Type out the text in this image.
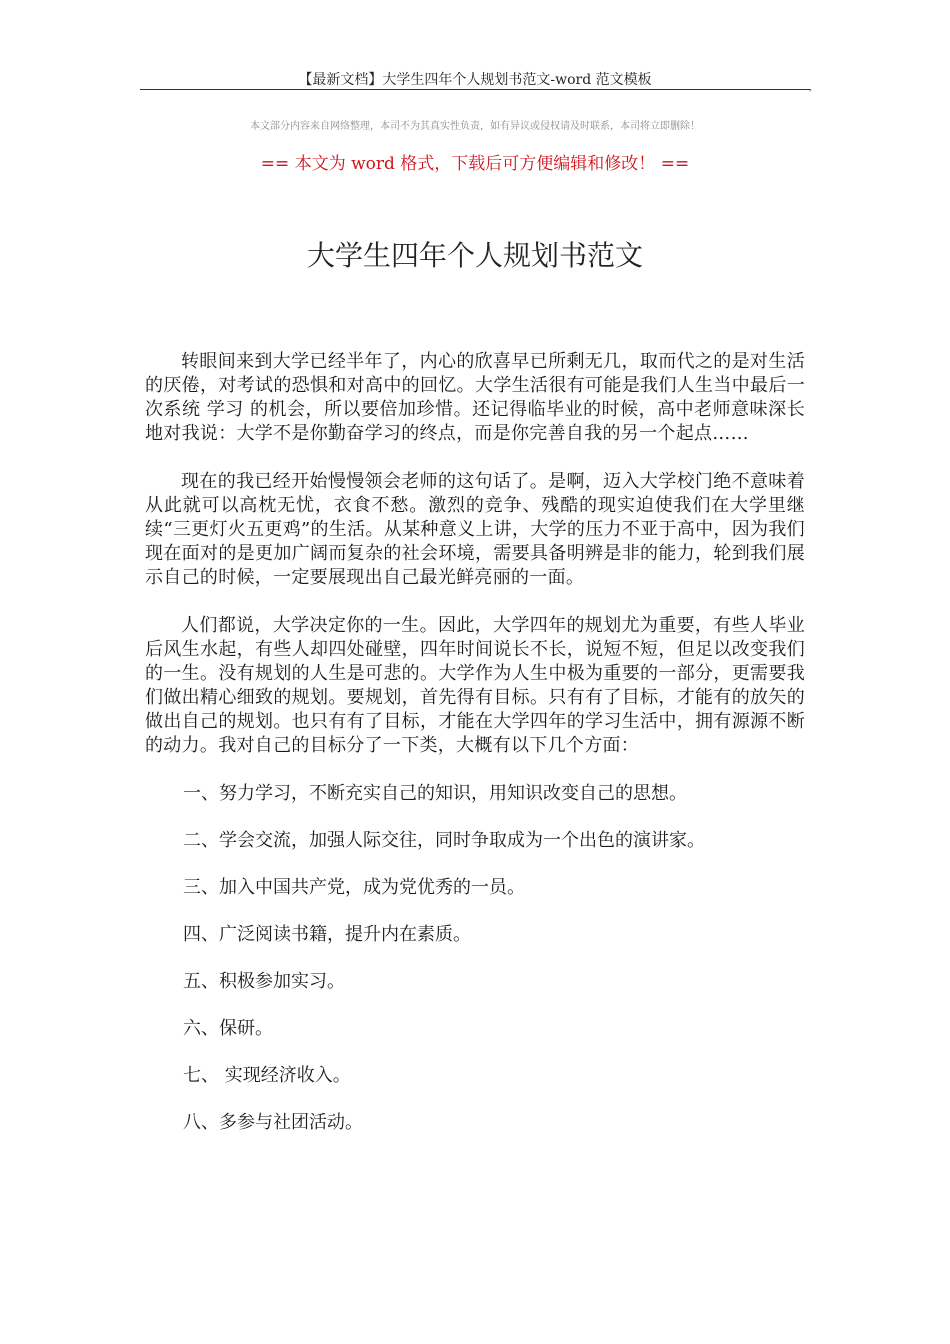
【最新文档】大学生四年个人规划书范文-word 范文模板	,
本文部分内容来自网络整理，本司不为其真实性负责，如有异议或侵权请及时联系，本司将立即删除！
== 本文为 word 格式，下载后可方便编辑和修改！ ==
大学生四年个人规划书范文

转眼间来到大学已经半年了，内心的欣喜早已所剩无几，取而代之的是对生活的厌倦，对考试的恐惧和对高中的回忆。大学生活很有可能是我们人生当中最后一次系统 学习 的机会，所以要倍加珍惜。还记得临毕业的时候，高中老师意味深长地对我说：大学不是你勤奋学习的终点，而是你完善自我的另一个起点……

现在的我已经开始慢慢领会老师的这句话了。是啊，迈入大学校门绝不意味着从此就可以高枕无忧，衣食不愁。激烈的竞争、残酷的现实迫使我们在大学里继续“三更灯火五更鸡”的生活。从某种意义上讲，大学的压力不亚于高中，因为我们现在面对的是更加广阔而复杂的社会环境，需要具备明辨是非的能力，轮到我们展示自己的时候，一定要展现出自己最光鲜亮丽的一面。

人们都说，大学决定你的一生。因此，大学四年的规划尤为重要，有些人毕业后风生水起，有些人却四处碰壁，四年时间说长不长，说短不短，但足以改变我们的一生。没有规划的人生是可悲的。大学作为人生中极为重要的一部分，更需要我们做出精心细致的规划。要规划，首先得有目标。只有有了目标，才能有的放矢的做出自己的规划。也只有有了目标，才能在大学四年的学习生活中，拥有源源不断的动力。我对自己的目标分了一下类，大概有以下几个方面：

一、努力学习，不断充实自己的知识，用知识改变自己的思想。
二、学会交流，加强人际交往，同时争取成为一个出色的演讲家。
三、加入中国共产党，成为党优秀的一员。
四、广泛阅读书籍，提升内在素质。
五、积极参加实习。
六、保研。
七、 实现经济收入。
八、多参与社团活动。
